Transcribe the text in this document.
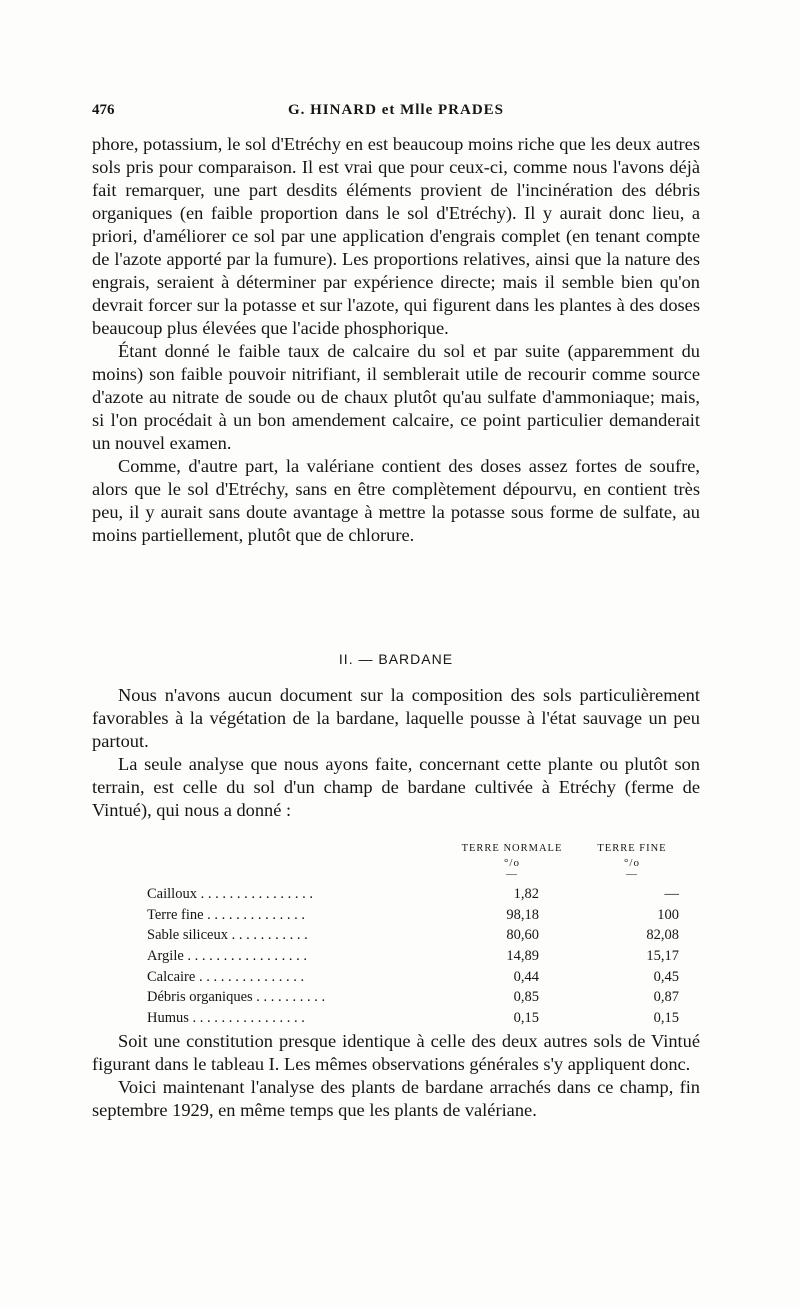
476	G. HINARD et Mlle PRADES

phore, potassium, le sol d'Etréchy en est beaucoup moins riche que les deux autres sols pris pour comparaison. Il est vrai que pour ceux-ci, comme nous l'avons déjà fait remarquer, une part desdits éléments provient de l'incinération des débris organiques (en faible proportion dans le sol d'Etréchy). Il y aurait donc lieu, a priori, d'améliorer ce sol par une application d'engrais complet (en tenant compte de l'azote apporté par la fumure). Les proportions relatives, ainsi que la nature des engrais, seraient à déterminer par expérience directe; mais il semble bien qu'on devrait forcer sur la potasse et sur l'azote, qui figurent dans les plantes à des doses beaucoup plus élevées que l'acide phosphorique.

Étant donné le faible taux de calcaire du sol et par suite (apparemment du moins) son faible pouvoir nitrifiant, il semblerait utile de recourir comme source d'azote au nitrate de soude ou de chaux plutôt qu'au sulfate d'ammoniaque; mais, si l'on procédait à un bon amendement calcaire, ce point particulier demanderait un nouvel examen.

Comme, d'autre part, la valériane contient des doses assez fortes de soufre, alors que le sol d'Etréchy, sans en être complètement dépourvu, en contient très peu, il y aurait sans doute avantage à mettre la potasse sous forme de sulfate, au moins partiellement, plutôt que de chlorure.

II. — BARDANE

Nous n'avons aucun document sur la composition des sols particulièrement favorables à la végétation de la bardane, laquelle pousse à l'état sauvage un peu partout.

La seule analyse que nous ayons faite, concernant cette plante ou plutôt son terrain, est celle du sol d'un champ de bardane cultivée à Etréchy (ferme de Vintué), qui nous a donné :

TERRE NORMALE
°/o
—
TERRE FINE
°/o
—
Cailloux . . . . . . . . . . . . . . . .	1,82	—
Terre fine . . . . . . . . . . . . . .	98,18	100
Sable siliceux . . . . . . . . . . .	80,60	82,08
Argile . . . . . . . . . . . . . . . . .	14,89	15,17
Calcaire . . . . . . . . . . . . . . .	0,44	0,45
Débris organiques . . . . . . . . . .	0,85	0,87
Humus . . . . . . . . . . . . . . . .	0,15	0,15

Soit une constitution presque identique à celle des deux autres sols de Vintué figurant dans le tableau I. Les mêmes observations générales s'y appliquent donc.

Voici maintenant l'analyse des plants de bardane arrachés dans ce champ, fin septembre 1929, en même temps que les plants de valériane.
